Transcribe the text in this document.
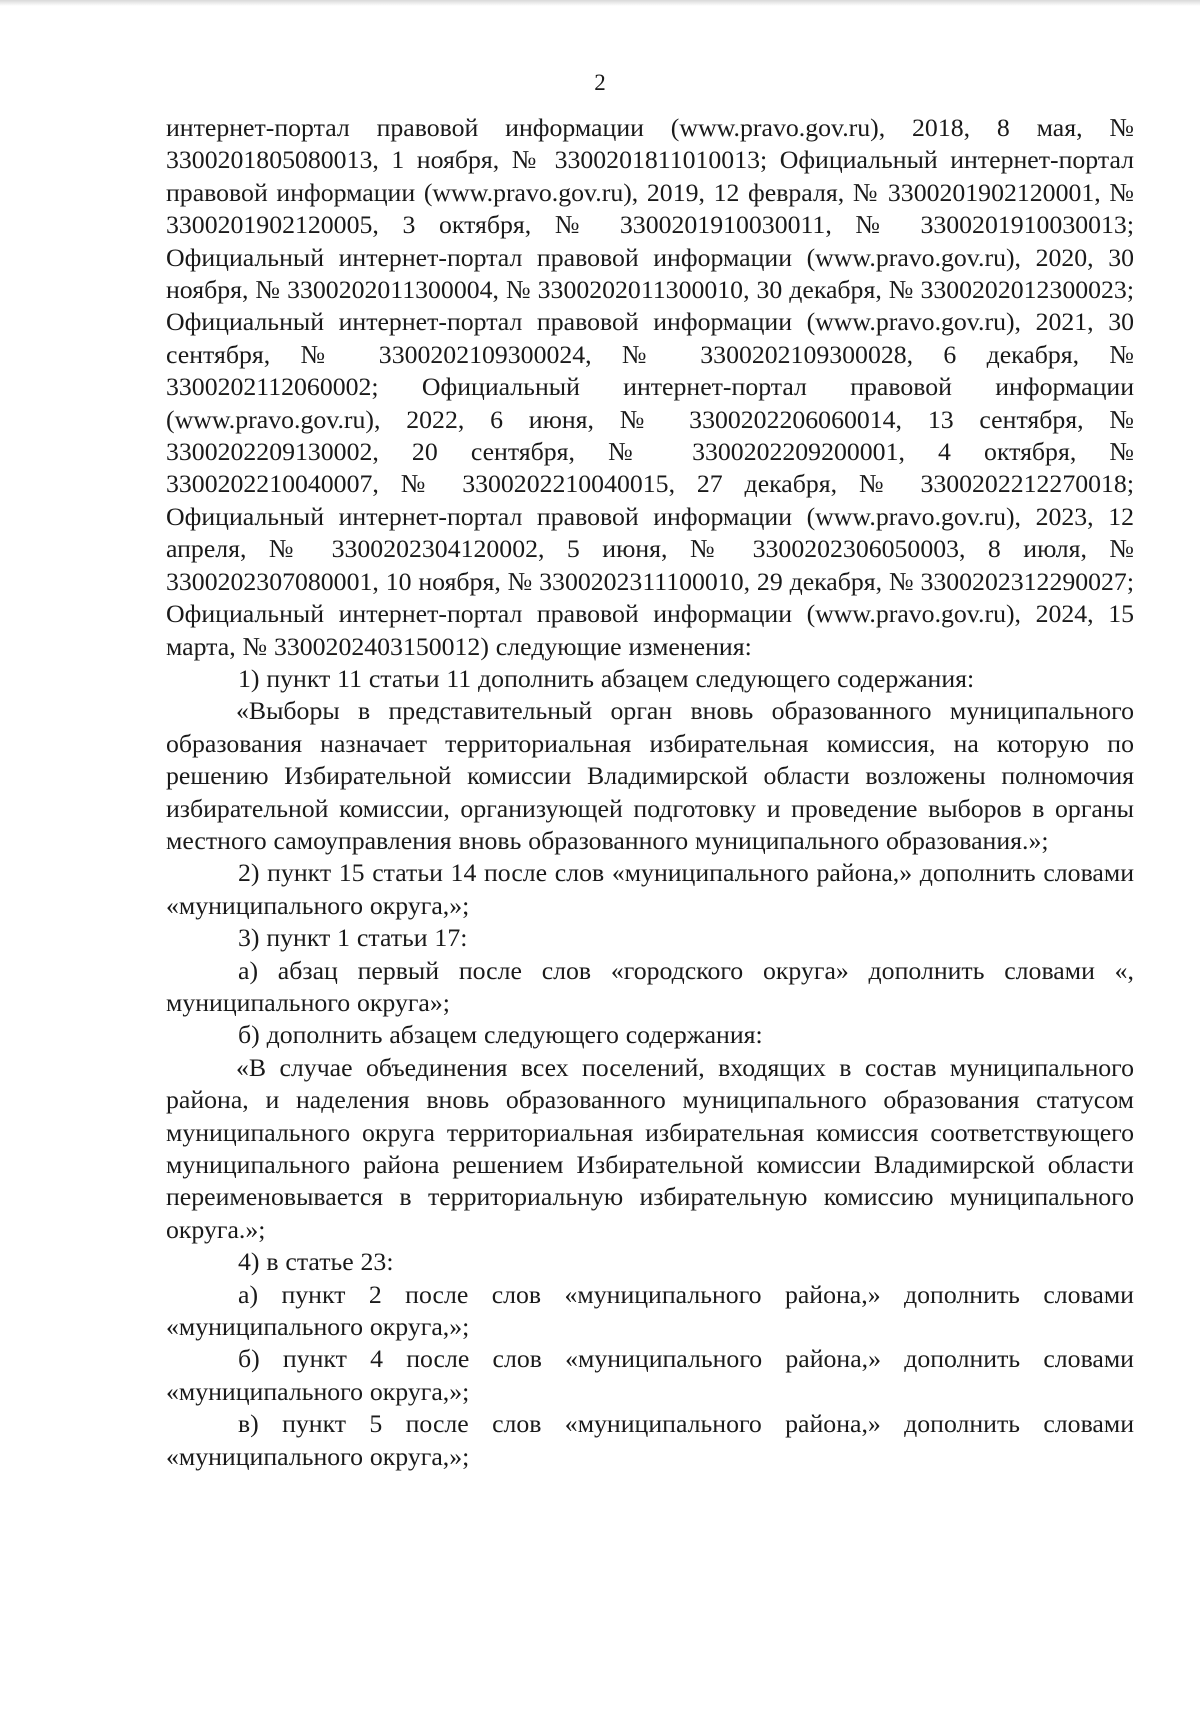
2

интернет-портал правовой информации (www.pravo.gov.ru), 2018, 8 мая, № 3300201805080013, 1 ноября, № 3300201811010013; Официальный интернет-портал правовой информации (www.pravo.gov.ru), 2019, 12 февраля, № 3300201902120001, № 3300201902120005, 3 октября, № 3300201910030011, № 3300201910030013; Официальный интернет-портал правовой информации (www.pravo.gov.ru), 2020, 30 ноября, № 3300202011300004, № 3300202011300010, 30 декабря, № 3300202012300023; Официальный интернет-портал правовой информации (www.pravo.gov.ru), 2021, 30 сентября, № 3300202109300024, № 3300202109300028, 6 декабря, № 3300202112060002; Официальный интернет-портал правовой информации (www.pravo.gov.ru), 2022, 6 июня, № 3300202206060014, 13 сентября, № 3300202209130002, 20 сентября, № 3300202209200001, 4 октября, № 3300202210040007, № 3300202210040015, 27 декабря, № 3300202212270018; Официальный интернет-портал правовой информации (www.pravo.gov.ru), 2023, 12 апреля, № 3300202304120002, 5 июня, № 3300202306050003, 8 июля, № 3300202307080001, 10 ноября, № 3300202311100010, 29 декабря, № 3300202312290027; Официальный интернет-портал правовой информации (www.pravo.gov.ru), 2024, 15 марта, № 3300202403150012) следующие изменения:

1) пункт 11 статьи 11 дополнить абзацем следующего содержания:

«Выборы в представительный орган вновь образованного муниципального образования назначает территориальная избирательная комиссия, на которую по решению Избирательной комиссии Владимирской области возложены полномочия избирательной комиссии, организующей подготовку и проведение выборов в органы местного самоуправления вновь образованного муниципального образования.»;

2) пункт 15 статьи 14 после слов «муниципального района,» дополнить словами «муниципального округа,»;

3) пункт 1 статьи 17:

а) абзац первый после слов «городского округа» дополнить словами «, муниципального округа»;

б) дополнить абзацем следующего содержания:

«В случае объединения всех поселений, входящих в состав муниципального района, и наделения вновь образованного муниципального образования статусом муниципального округа территориальная избирательная комиссия соответствующего муниципального района решением Избирательной комиссии Владимирской области переименовывается в территориальную избирательную комиссию муниципального округа.»;

4) в статье 23:

а) пункт 2 после слов «муниципального района,» дополнить словами «муниципального округа,»;

б) пункт 4 после слов «муниципального района,» дополнить словами «муниципального округа,»;

в) пункт 5 после слов «муниципального района,» дополнить словами «муниципального округа,»;
